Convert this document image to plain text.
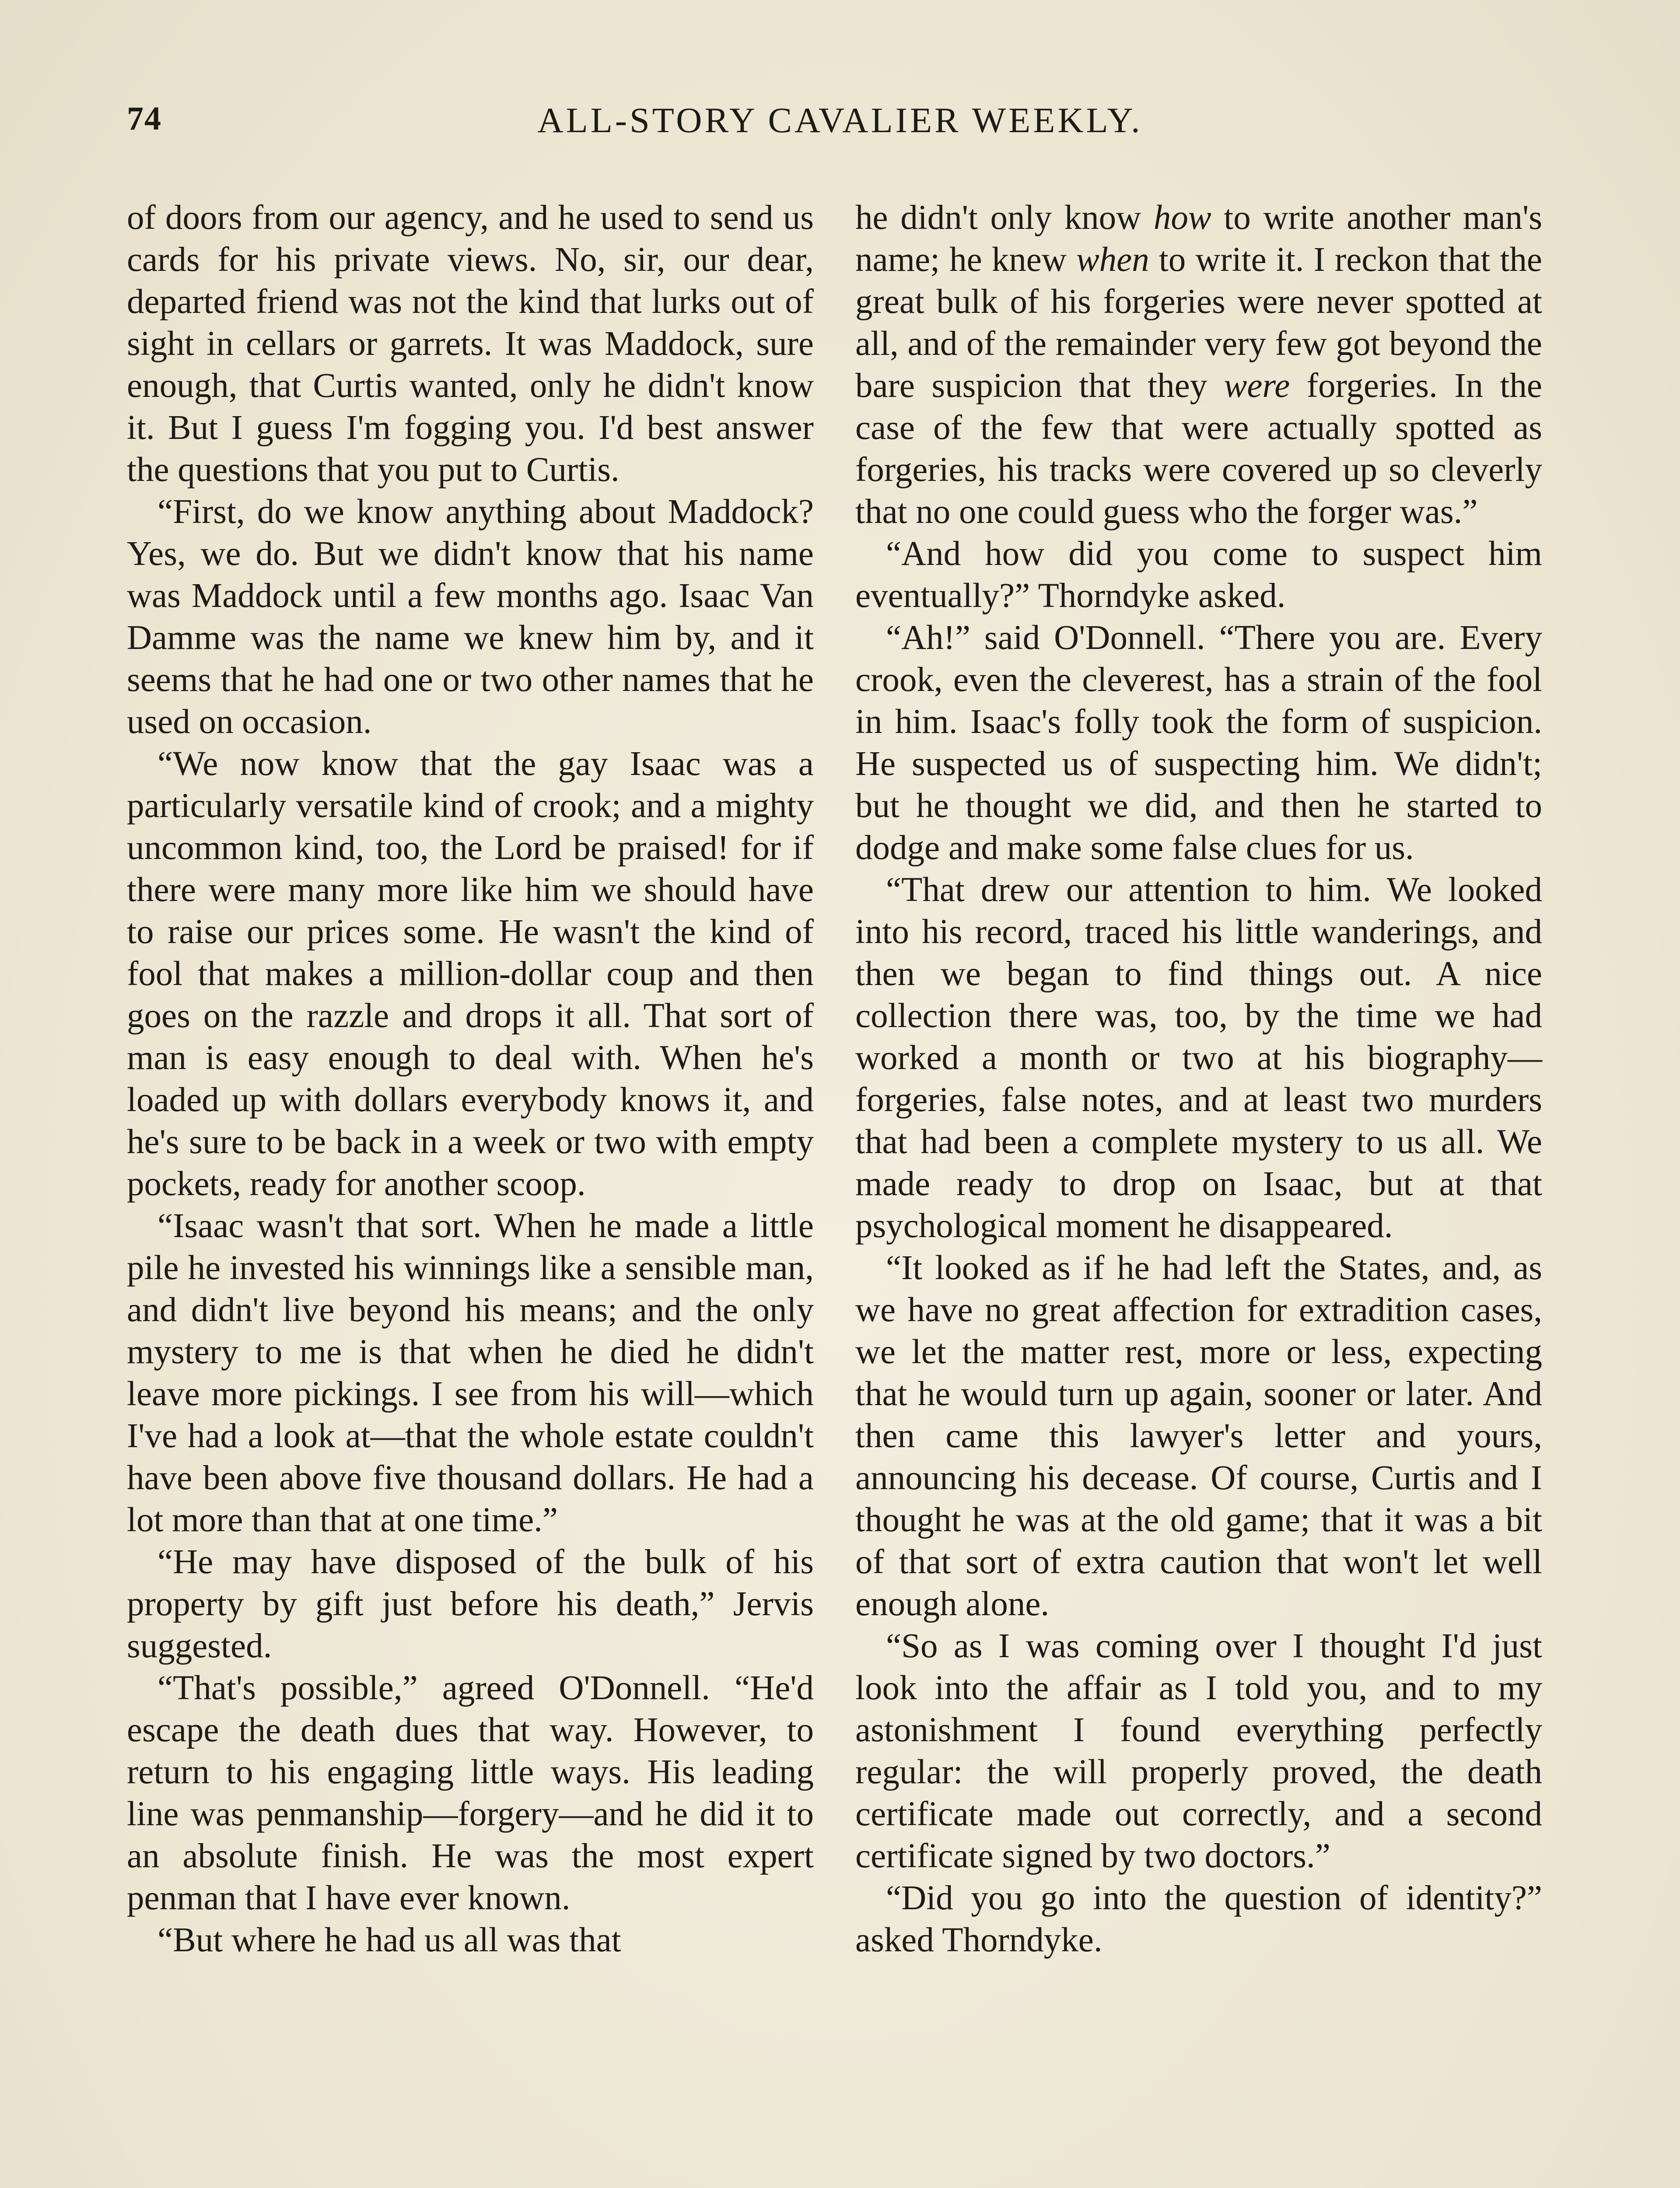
74	ALL-STORY CAVALIER WEEKLY.

of doors from our agency, and he used to send us cards for his private views. No, sir, our dear, departed friend was not the kind that lurks out of sight in cellars or garrets. It was Maddock, sure enough, that Curtis wanted, only he didn't know it. But I guess I'm fogging you. I'd best answer the questions that you put to Curtis.

“First, do we know anything about Maddock? Yes, we do. But we didn't know that his name was Maddock until a few months ago. Isaac Van Damme was the name we knew him by, and it seems that he had one or two other names that he used on occasion.

“We now know that the gay Isaac was a particularly versatile kind of crook; and a mighty uncommon kind, too, the Lord be praised! for if there were many more like him we should have to raise our prices some. He wasn't the kind of fool that makes a million-dollar coup and then goes on the razzle and drops it all. That sort of man is easy enough to deal with. When he's loaded up with dollars everybody knows it, and he's sure to be back in a week or two with empty pockets, ready for another scoop.

“Isaac wasn't that sort. When he made a little pile he invested his winnings like a sensible man, and didn't live beyond his means; and the only mystery to me is that when he died he didn't leave more pickings. I see from his will—which I've had a look at—that the whole estate couldn't have been above five thousand dollars. He had a lot more than that at one time.”

“He may have disposed of the bulk of his property by gift just before his death,” Jervis suggested.

“That's possible,” agreed O'Donnell. “He'd escape the death dues that way. However, to return to his engaging little ways. His leading line was penmanship—forgery—and he did it to an absolute finish. He was the most expert penman that I have ever known.

“But where he had us all was that

he didn't only know how to write another man's name; he knew when to write it. I reckon that the great bulk of his forgeries were never spotted at all, and of the remainder very few got beyond the bare suspicion that they were forgeries. In the case of the few that were actually spotted as forgeries, his tracks were covered up so cleverly that no one could guess who the forger was.”

“And how did you come to suspect him eventually?” Thorndyke asked.

“Ah!” said O'Donnell. “There you are. Every crook, even the cleverest, has a strain of the fool in him. Isaac's folly took the form of suspicion. He suspected us of suspecting him. We didn't; but he thought we did, and then he started to dodge and make some false clues for us.

“That drew our attention to him. We looked into his record, traced his little wanderings, and then we began to find things out. A nice collection there was, too, by the time we had worked a month or two at his biography—forgeries, false notes, and at least two murders that had been a complete mystery to us all. We made ready to drop on Isaac, but at that psychological moment he disappeared.

“It looked as if he had left the States, and, as we have no great affection for extradition cases, we let the matter rest, more or less, expecting that he would turn up again, sooner or later. And then came this lawyer's letter and yours, announcing his decease. Of course, Curtis and I thought he was at the old game; that it was a bit of that sort of extra caution that won't let well enough alone.

“So as I was coming over I thought I'd just look into the affair as I told you, and to my astonishment I found everything perfectly regular: the will properly proved, the death certificate made out correctly, and a second certificate signed by two doctors.”

“Did you go into the question of identity?” asked Thorndyke.
